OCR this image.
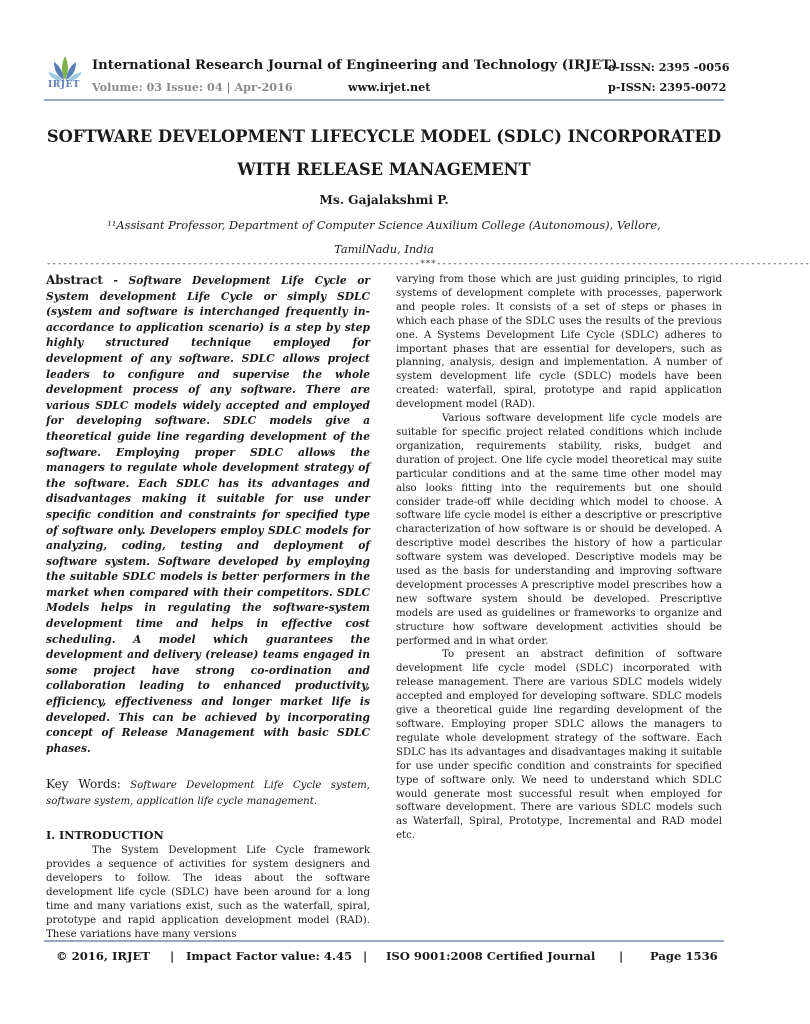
IRJET
International Research Journal of Engineering and Technology (IRJET)
e-ISSN: 2395 -0056
Volume: 03 Issue: 04 | Apr-2016	www.irjet.net	p-ISSN: 2395-0072
SOFTWARE DEVELOPMENT LIFECYCLE MODEL (SDLC) INCORPORATED WITH RELEASE MANAGEMENT
Ms. Gajalakshmi P.
¹¹Assisant Professor, Department of Computer Science Auxilium College (Autonomous), Vellore, TamilNadu, India
---------------------------------------------------------------------***---------------------------------------------------------------------

Abstract - Software Development Life Cycle or System development Life Cycle or simply SDLC (system and software is interchanged frequently in-accordance to application scenario) is a step by step highly structured technique employed for development of any software. SDLC allows project leaders to configure and supervise the whole development process of any software. There are various SDLC models widely accepted and employed for developing software. SDLC models give a theoretical guide line regarding development of the software. Employing proper SDLC allows the managers to regulate whole development strategy of the software. Each SDLC has its advantages and disadvantages making it suitable for use under specific condition and constraints for specified type of software only. Developers employ SDLC models for analyzing, coding, testing and deployment of software system. Software developed by employing the suitable SDLC models is better performers in the market when compared with their competitors. SDLC Models helps in regulating the software-system development time and helps in effective cost scheduling. A model which guarantees the development and delivery (release) teams engaged in some project have strong co-ordination and collaboration leading to enhanced productivity, efficiency, effectiveness and longer market life is developed. This can be achieved by incorporating concept of Release Management with basic SDLC phases.

Key Words: Software Development Life Cycle system, software system, application life cycle management.

I. INTRODUCTION

The System Development Life Cycle framework provides a sequence of activities for system designers and developers to follow. The ideas about the software development life cycle (SDLC) have been around for a long time and many variations exist, such as the waterfall, spiral, prototype and rapid application development model (RAD). These variations have many versions

varying from those which are just guiding principles, to rigid systems of development complete with processes, paperwork and people roles. It consists of a set of steps or phases in which each phase of the SDLC uses the results of the previous one. A Systems Development Life Cycle (SDLC) adheres to important phases that are essential for developers, such as planning, analysis, design and implementation. A number of system development life cycle (SDLC) models have been created: waterfall, spiral, prototype and rapid application development model (RAD).

Various software development life cycle models are suitable for specific project related conditions which include organization, requirements stability, risks, budget and duration of project. One life cycle model theoretical may suite particular conditions and at the same time other model may also looks fitting into the requirements but one should consider trade-off while deciding which model to choose. A software life cycle model is either a descriptive or prescriptive characterization of how software is or should be developed. A descriptive model describes the history of how a particular software system was developed. Descriptive models may be used as the basis for understanding and improving software development processes A prescriptive model prescribes how a new software system should be developed. Prescriptive models are used as guidelines or frameworks to organize and structure how software development activities should be performed and in what order.

To present an abstract definition of software development life cycle model (SDLC) incorporated with release management. There are various SDLC models widely accepted and employed for developing software. SDLC models give a theoretical guide line regarding development of the software. Employing proper SDLC allows the managers to regulate whole development strategy of the software. Each SDLC has its advantages and disadvantages making it suitable for use under specific condition and constraints for specified type of software only. We need to understand which SDLC would generate most successful result when employed for software development. There are various SDLC models such as Waterfall, Spiral, Prototype, Incremental and RAD model etc.

© 2016, IRJET | Impact Factor value: 4.45 | ISO 9001:2008 Certified Journal | Page 1536
